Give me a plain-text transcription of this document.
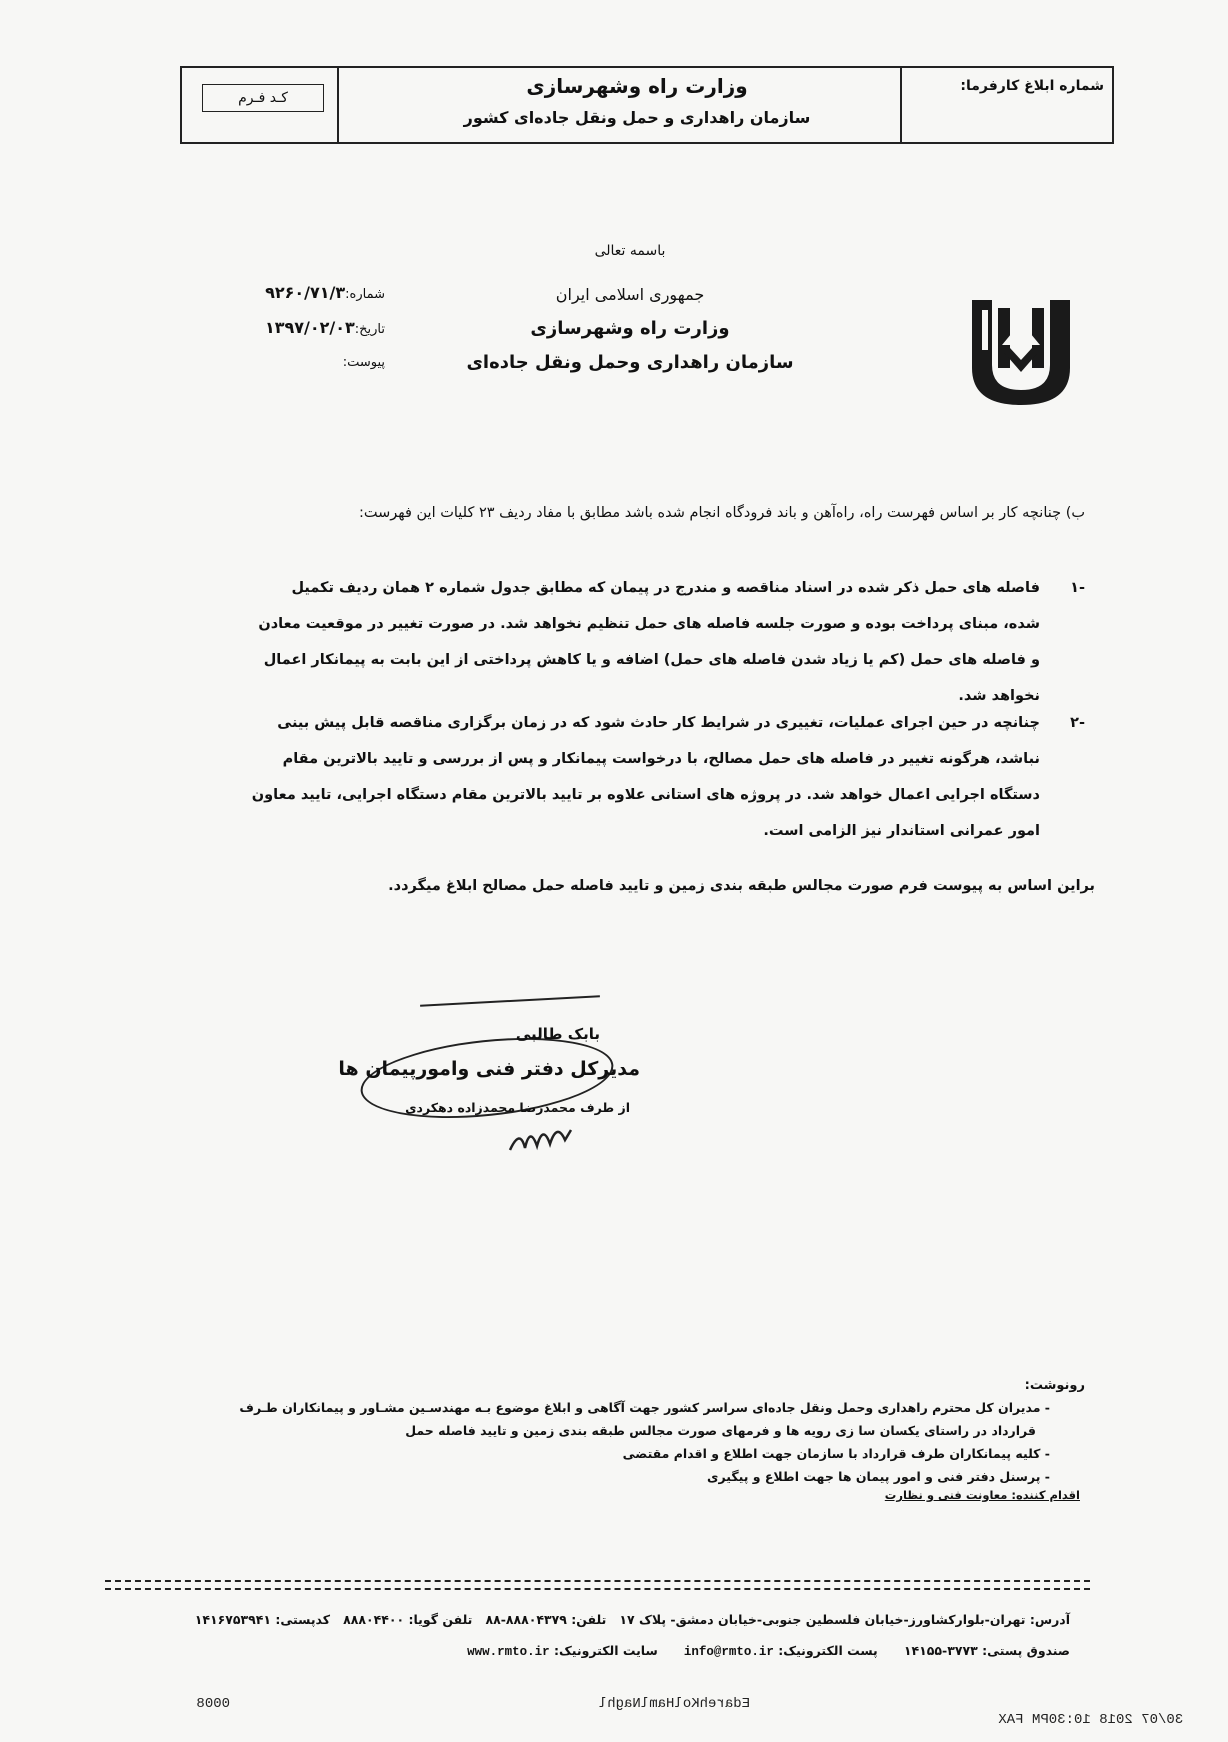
کـد فـرم	وزارت راه وشهرسازی
سازمان راهداری و حمل ونقل جاده‌ای کشور
شماره ابلاغ کارفرما:
باسمه تعالی
جمهوری اسلامی ایران
وزارت راه وشهرسازی
سازمان راهداری وحمل ونقل جاده‌ای
شماره:۹۲۶۰/۷۱/۳
تاریخ:۱۳۹۷/۰۲/۰۳
پیوست:
ب) چنانچه کار بر اساس فهرست‌ راه، راه‌آهن و باند فرودگاه انجام شده باشد مطابق با مفاد ردیف ۲۳ کلیات این فهرست:
۱-
فاصله های حمل ذکر شده در اسناد مناقصه و مندرج در پیمان که مطابق جدول شماره ۲ همان ردیف تکمیل
شده، مبنای پرداخت بوده و صورت جلسه فاصله های حمل تنظیم نخواهد شد. در صورت تغییر در موقعیت معادن
و فاصله های حمل (کم یا زیاد شدن فاصله های حمل) اضافه و یا کاهش پرداختی از این بابت به پیمانکار اعمال
نخواهد شد.
۲-
چنانچه در حین اجرای عملیات، تغییری در شرایط کار حادث شود که در زمان برگزاری مناقصه قابل پیش بینی
نباشد، هرگونه تغییر در فاصله های حمل مصالح، با درخواست پیمانکار و پس از بررسی و تایید بالاترین مقام
دستگاه اجرایی اعمال خواهد شد. در پروژه های استانی علاوه بر تایید بالاترین مقام دستگاه اجرایی، تایید معاون
امور عمرانی استاندار نیز الزامی است.
براین اساس به پیوست فرم صورت مجالس طبقه بندی زمین و تایید فاصله حمل مصالح ابلاغ میگردد.
بابک طالبی
مدیرکل دفتر فنی وامورپیمان ها
از طرف محمدرضا محمدزاده دهکردی
رونوشت:
- مدیران کل محترم راهداری وحمل ونقل جاده‌ای سراسر کشور جهت آگاهی و ابلاغ موضوع بـه مهندسـین مشـاور و پیمانکاران طـرف
قرارداد در راستای یکسان سا زی رویه ها و فرمهای صورت مجالس طبقه بندی زمین و تایید فاصله حمل
- کلیه پیمانکاران طرف قرارداد با سازمان جهت اطلاع و اقدام مقتضی
- پرسنل دفتر فنی و امور پیمان ها جهت اطلاع و پیگیری
اقدام کننده: معاونت فنی و نظارت
آدرس: تهران-بلوارکشاورز-خیابان فلسطین جنوبی-خیابان دمشق- پلاک ۱۷   تلفن: ۸۸۸۰۴۳۷۹-۸۸   تلفن گویا: ۸۸۸۰۴۴۰۰   کدپستی: ۱۴۱۶۷۵۳۹۴۱
صندوق پستی: ۳۷۷۳-۱۴۱۵۵      پست الکترونیک: info@rmto.ir      سایت الکترونیک: www.rmto.ir

30/07 2018 10:30PM FAX

EdarehKolHamlNaghl
0008
